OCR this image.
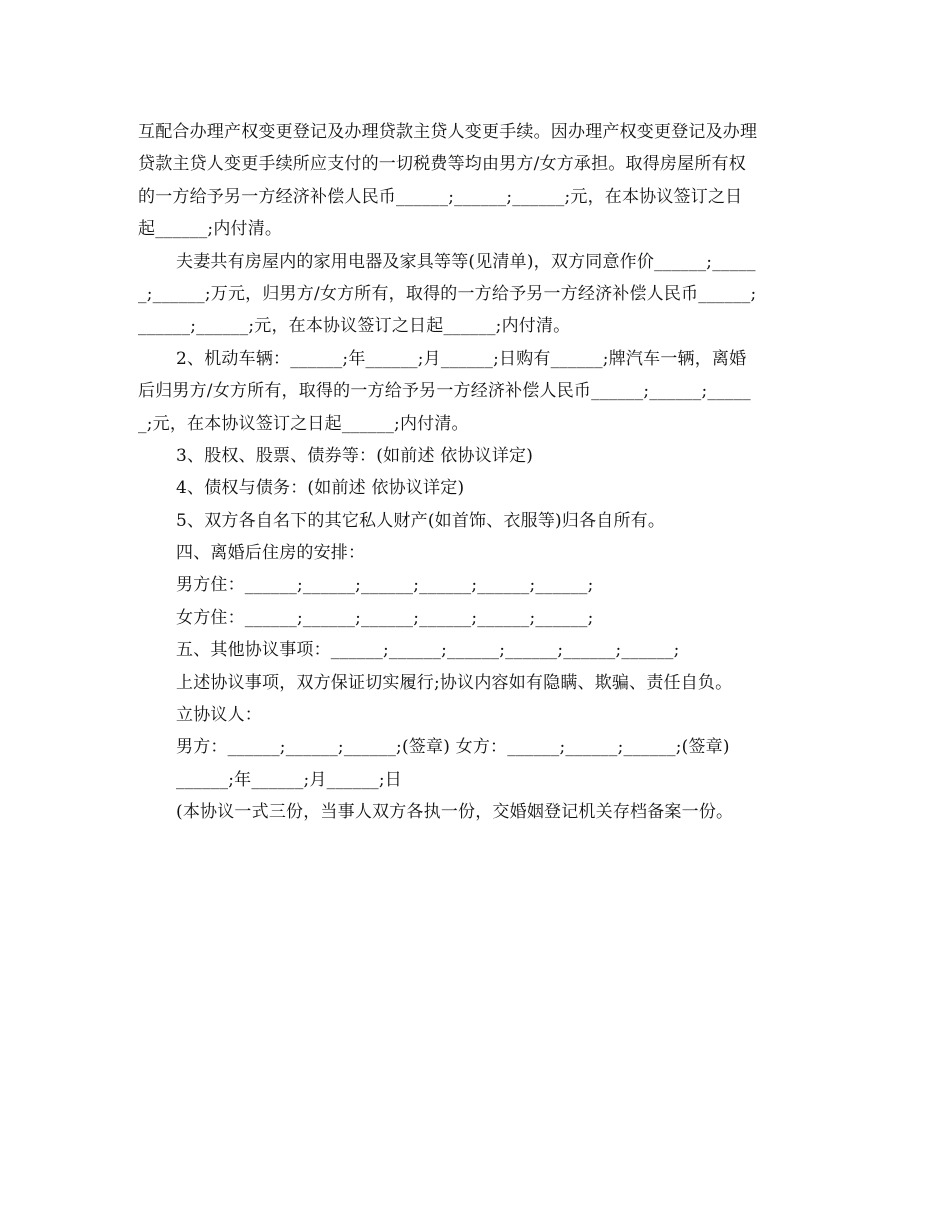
互配合办理产权变更登记及办理贷款主贷人变更手续。因办理产权变更登记及办理
贷款主贷人变更手续所应支付的一切税费等均由男方/女方承担。取得房屋所有权
的一方给予另一方经济补偿人民币______;______;______;元，在本协议签订之日
起______;内付清。
夫妻共有房屋内的家用电器及家具等等(见清单)，双方同意作价______;_____
_;______;万元，归男方/女方所有，取得的一方给予另一方经济补偿人民币______;
______;______;元，在本协议签订之日起______;内付清。
2、机动车辆：______;年______;月______;日购有______;牌汽车一辆，离婚
后归男方/女方所有，取得的一方给予另一方经济补偿人民币______;______;_____
_;元，在本协议签订之日起______;内付清。
3、股权、股票、债券等：(如前述 依协议详定)
4、债权与债务：(如前述 依协议详定)
5、双方各自名下的其它私人财产(如首饰、衣服等)归各自所有。
四、离婚后住房的安排：
男方住：______;______;______;______;______;______;
女方住：______;______;______;______;______;______;
五、其他协议事项：______;______;______;______;______;______;
上述协议事项，双方保证切实履行;协议内容如有隐瞒、欺骗、责任自负。
立协议人：
男方：______;______;______;(签章) 女方：______;______;______;(签章)
______;年______;月______;日
(本协议一式三份，当事人双方各执一份，交婚姻登记机关存档备案一份。
